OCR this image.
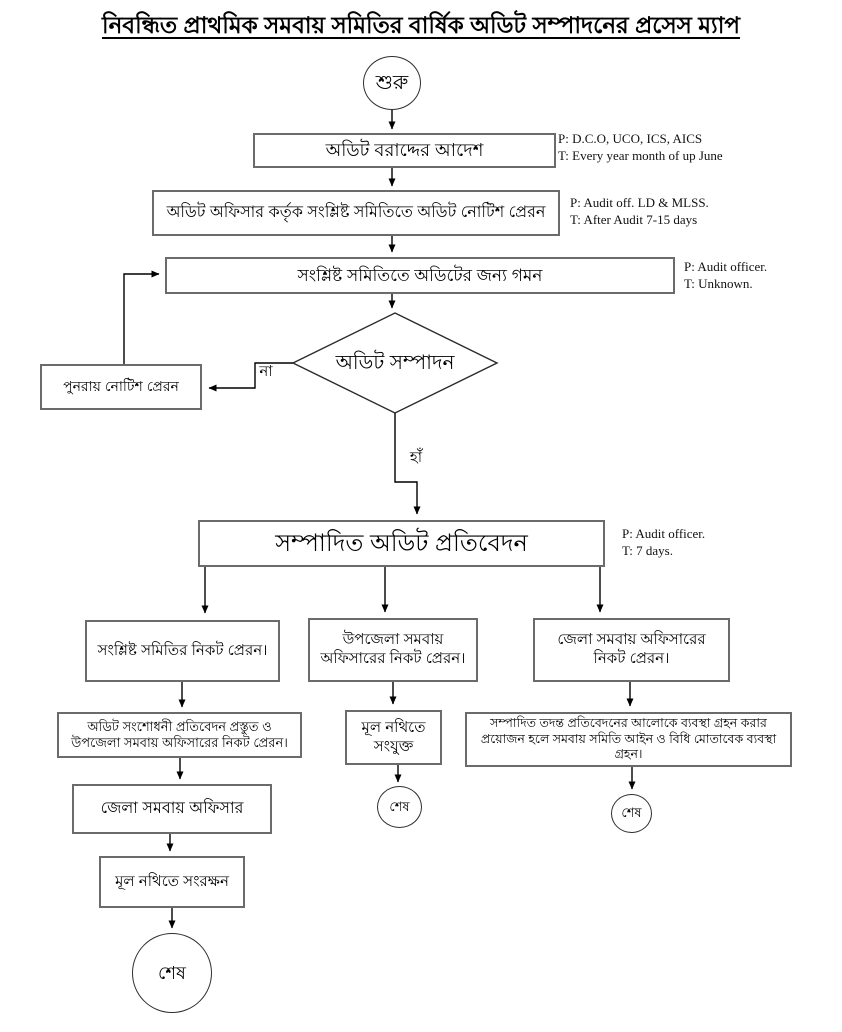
নিবন্ধিত প্রাথমিক সমবায় সমিতির বার্ষিক অডিট সম্পাদনের প্রসেস ম্যাপ
শুরু
অডিট বরাদ্দের আদেশ
P: D.C.O, UCO, ICS, AICS
T: Every year month of up June
অডিট অফিসার কর্তৃক সংশ্লিষ্ট সমিতিতে অডিট নোটিশ প্রেরন
P: Audit off. LD & MLSS.
T: After Audit 7-15 days
সংশ্লিষ্ট সমিতিতে অডিটের জন্য গমন	P: Audit officer.
T: Unknown.
অডিট সম্পাদন
না
হাঁ
পুনরায় নোটিশ প্রেরন
সম্পাদিত অডিট প্রতিবেদন	P: Audit officer.
T: 7 days.
সংশ্লিষ্ট সমিতির নিকট প্রেরন।
উপজেলা সমবায় অফিসারের নিকট প্রেরন।
জেলা সমবায় অফিসারের নিকট প্রেরন।
অডিট সংশোধনী প্রতিবেদন প্রস্তুত ও উপজেলা সমবায় অফিসারের নিকট প্রেরন।
জেলা সমবায় অফিসার
মূল নথিতে সংরক্ষন
শেষ
মূল নথিতে সংযুক্ত
শেষ
সম্পাদিত তদন্ত প্রতিবেদনের আলোকে ব্যবস্থা গ্রহন করার প্রয়োজন হলে সমবায় সমিতি আইন ও বিধি মোতাবেক ব্যবস্থা গ্রহন।
শেষ
